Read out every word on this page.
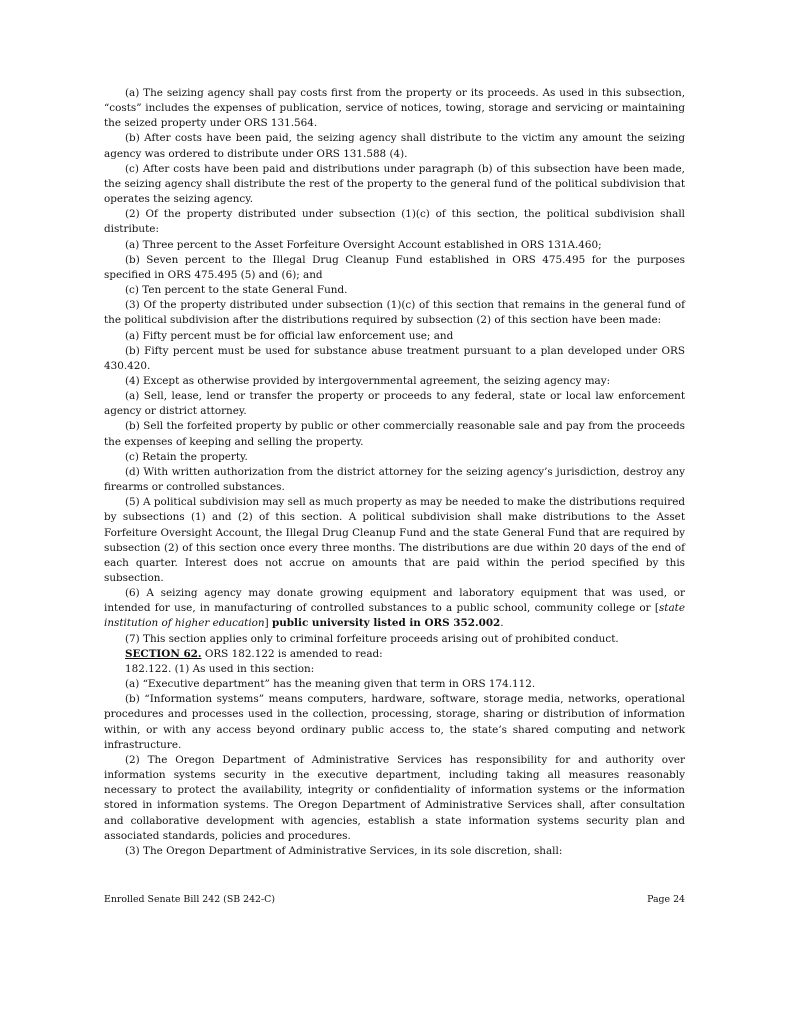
(a) The seizing agency shall pay costs first from the property or its proceeds. As used in this subsection, “costs” includes the expenses of publication, service of notices, towing, storage and servicing or maintaining the seized property under ORS 131.564.

(b) After costs have been paid, the seizing agency shall distribute to the victim any amount the seizing agency was ordered to distribute under ORS 131.588 (4).

(c) After costs have been paid and distributions under paragraph (b) of this subsection have been made, the seizing agency shall distribute the rest of the property to the general fund of the political subdivision that operates the seizing agency.

(2) Of the property distributed under subsection (1)(c) of this section, the political subdivision shall distribute:

(a) Three percent to the Asset Forfeiture Oversight Account established in ORS 131A.460;

(b) Seven percent to the Illegal Drug Cleanup Fund established in ORS 475.495 for the purposes specified in ORS 475.495 (5) and (6); and

(c) Ten percent to the state General Fund.

(3) Of the property distributed under subsection (1)(c) of this section that remains in the general fund of the political subdivision after the distributions required by subsection (2) of this section have been made:

(a) Fifty percent must be for official law enforcement use; and

(b) Fifty percent must be used for substance abuse treatment pursuant to a plan developed under ORS 430.420.

(4) Except as otherwise provided by intergovernmental agreement, the seizing agency may:

(a) Sell, lease, lend or transfer the property or proceeds to any federal, state or local law enforcement agency or district attorney.

(b) Sell the forfeited property by public or other commercially reasonable sale and pay from the proceeds the expenses of keeping and selling the property.

(c) Retain the property.

(d) With written authorization from the district attorney for the seizing agency’s jurisdiction, destroy any firearms or controlled substances.

(5) A political subdivision may sell as much property as may be needed to make the distributions required by subsections (1) and (2) of this section. A political subdivision shall make distributions to the Asset Forfeiture Oversight Account, the Illegal Drug Cleanup Fund and the state General Fund that are required by subsection (2) of this section once every three months. The distributions are due within 20 days of the end of each quarter. Interest does not accrue on amounts that are paid within the period specified by this subsection.

(6) A seizing agency may donate growing equipment and laboratory equipment that was used, or intended for use, in manufacturing of controlled substances to a public school, community college or [state institution of higher education] public university listed in ORS 352.002.

(7) This section applies only to criminal forfeiture proceeds arising out of prohibited conduct.

SECTION 62. ORS 182.122 is amended to read:

182.122. (1) As used in this section:

(a) “Executive department” has the meaning given that term in ORS 174.112.

(b) “Information systems” means computers, hardware, software, storage media, networks, operational procedures and processes used in the collection, processing, storage, sharing or distribution of information within, or with any access beyond ordinary public access to, the state’s shared computing and network infrastructure.

(2) The Oregon Department of Administrative Services has responsibility for and authority over information systems security in the executive department, including taking all measures reasonably necessary to protect the availability, integrity or confidentiality of information systems or the information stored in information systems. The Oregon Department of Administrative Services shall, after consultation and collaborative development with agencies, establish a state information systems security plan and associated standards, policies and procedures.

(3) The Oregon Department of Administrative Services, in its sole discretion, shall:

Enrolled Senate Bill 242 (SB 242-C)	Page 24
